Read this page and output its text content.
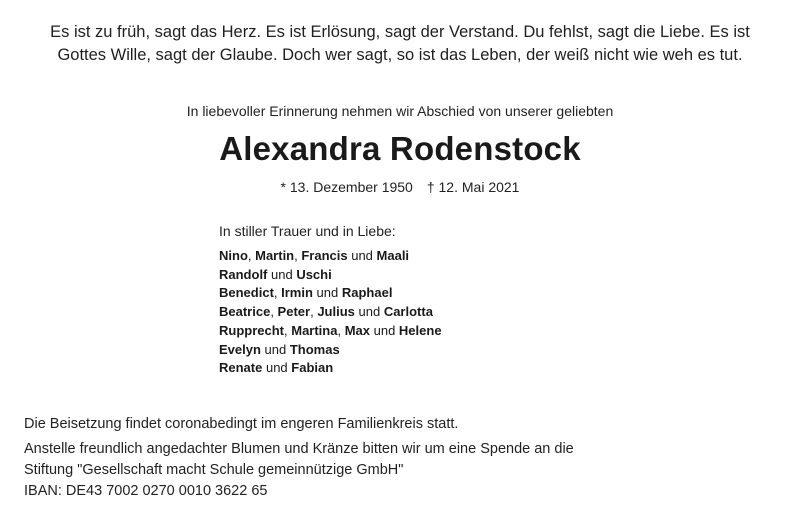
Es ist zu früh, sagt das Herz. Es ist Erlösung, sagt der Verstand. Du fehlst, sagt die Liebe. Es ist
Gottes Wille, sagt der Glaube. Doch wer sagt, so ist das Leben, der weiß nicht wie weh es tut.
In liebevoller Erinnerung nehmen wir Abschied von unserer geliebten
Alexandra Rodenstock
* 13. Dezember 1950 † 12. Mai 2021
In stiller Trauer und in Liebe:
Nino, Martin, Francis und Maali
Randolf und Uschi
Benedict, Irmin und Raphael
Beatrice, Peter, Julius und Carlotta
Rupprecht, Martina, Max und Helene
Evelyn und Thomas
Renate und Fabian
Die Beisetzung findet coronabedingt im engeren Familienkreis statt.
Anstelle freundlich angedachter Blumen und Kränze bitten wir um eine Spende an die
Stiftung "Gesellschaft macht Schule gemeinnützige GmbH"
IBAN: DE43 7002 0270 0010 3622 65
